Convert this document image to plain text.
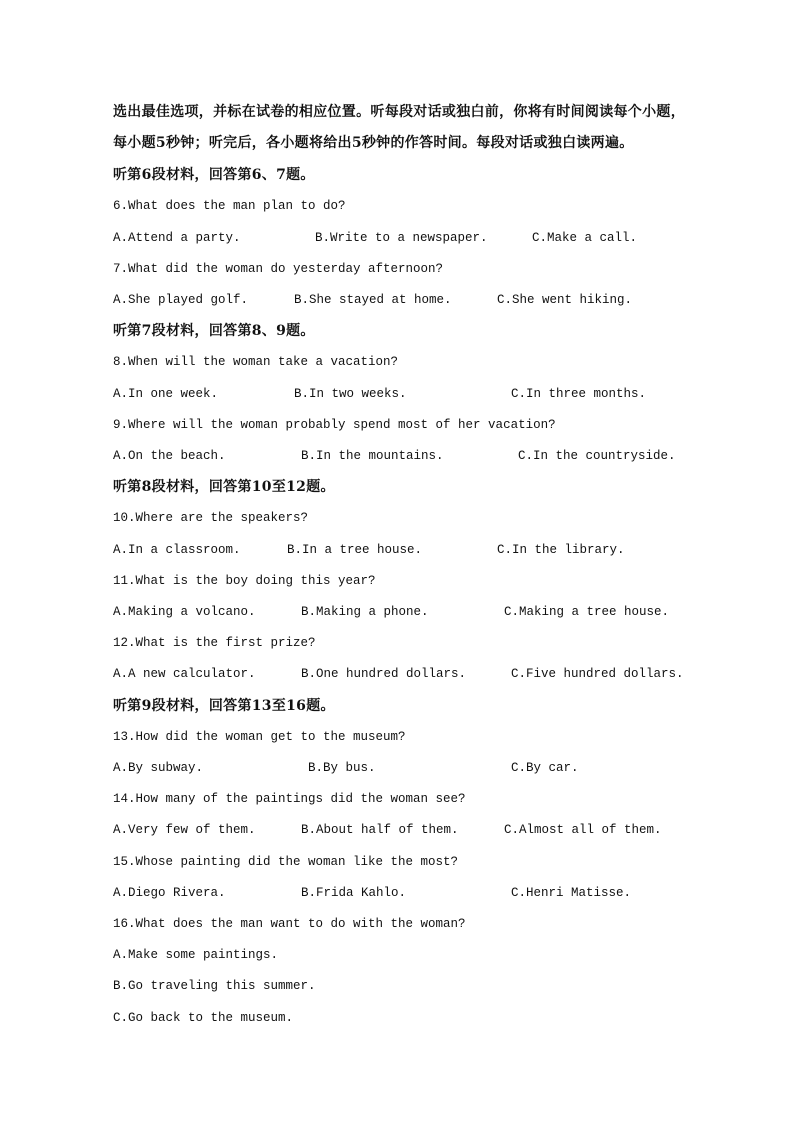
选出最佳选项，并标在试卷的相应位置。听每段对话或独白前，你将有时间阅读每个小题，
每小题5秒钟；听完后，各小题将给出5秒钟的作答时间。每段对话或独白读两遍。
听第6段材料，回答第6、7题。
6.What does the man plan to do?
A.Attend a party.	B.Write to a newspaper.	C.Make a call.
7.What did the woman do yesterday afternoon?
A.She played golf.	B.She stayed at home.	C.She went hiking.
听第7段材料，回答第8、9题。
8.When will the woman take a vacation?
A.In one week.	B.In two weeks.	C.In three months.
9.Where will the woman probably spend most of her vacation?
A.On the beach.	B.In the mountains.	C.In the countryside.
听第8段材料，回答第10至12题。
10.Where are the speakers?
A.In a classroom.	B.In a tree house.	C.In the library.
11.What is the boy doing this year?
A.Making a volcano.	B.Making a phone.	C.Making a tree house.
12.What is the first prize?
A.A new calculator.	B.One hundred dollars.	C.Five hundred dollars.
听第9段材料，回答第13至16题。
13.How did the woman get to the museum?
A.By subway.	B.By bus.	C.By car.
14.How many of the paintings did the woman see?
A.Very few of them.	B.About half of them.	C.Almost all of them.
15.Whose painting did the woman like the most?
A.Diego Rivera.	B.Frida Kahlo.	C.Henri Matisse.
16.What does the man want to do with the woman?
A.Make some paintings.
B.Go traveling this summer.
C.Go back to the museum.
